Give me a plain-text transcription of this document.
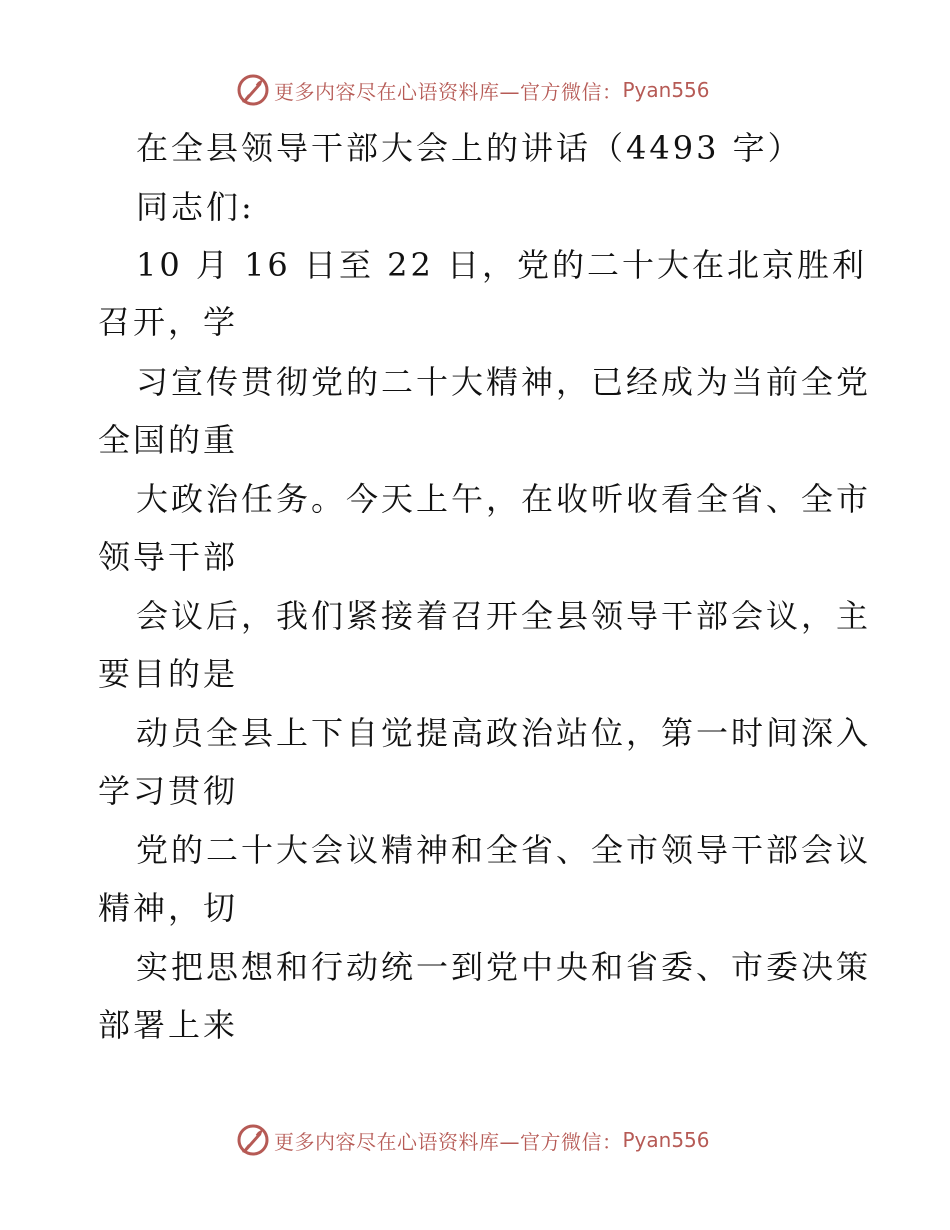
更多内容尽在心语资料库—官方微信： Pyan556
在全县领导干部大会上的讲话（4493 字）
同志们:
10 月 16 日至 22 日，党的二十大在北京胜利
召开，学
习宣传贯彻党的二十大精神，已经成为当前全党
全国的重
大政治任务。今天上午，在收听收看全省、全市
领导干部
会议后，我们紧接着召开全县领导干部会议，主
要目的是
动员全县上下自觉提高政治站位，第一时间深入
学习贯彻
党的二十大会议精神和全省、全市领导干部会议
精神，切
实把思想和行动统一到党中央和省委、市委决策
部署上来
更多内容尽在心语资料库—官方微信： Pyan556
